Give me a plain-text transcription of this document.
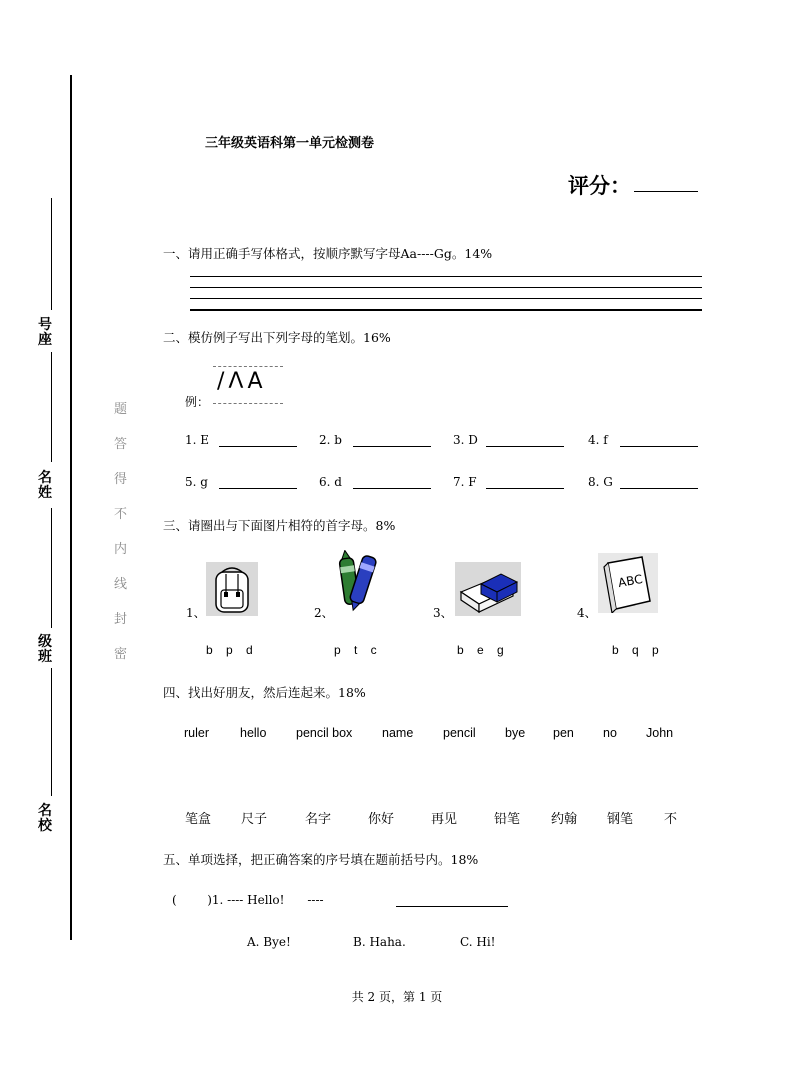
号座
名姓
级班
名校
题
答
得
不
内
线
封
密
三年级英语科第一单元检测卷
评分：
一、请用正确手写体格式，按顺序默写字母Aa----Gg。14%
二、模仿例子写出下列字母的笔划。16%
例：
/ΛA
1. E	2. b	3. D	4. f
5. g	6. d	7. F	8. G
三、请圈出与下面图片相符的首字母。8%
1、
b p d
2、
p t c
3、
b e g
4、
ABC
b q p
四、找出好朋友，然后连起来。18%
ruler hello pencil box name pencil bye pen no John
笔盒 尺子	名字	你好	再见	铅笔 约翰 钢笔 不
五、单项选择，把正确答案的序号填在题前括号内。18%
(        )1. ---- Hello!      ----
A. Bye!	B. Haha.	C. Hi!
共 2 页，第 1 页
